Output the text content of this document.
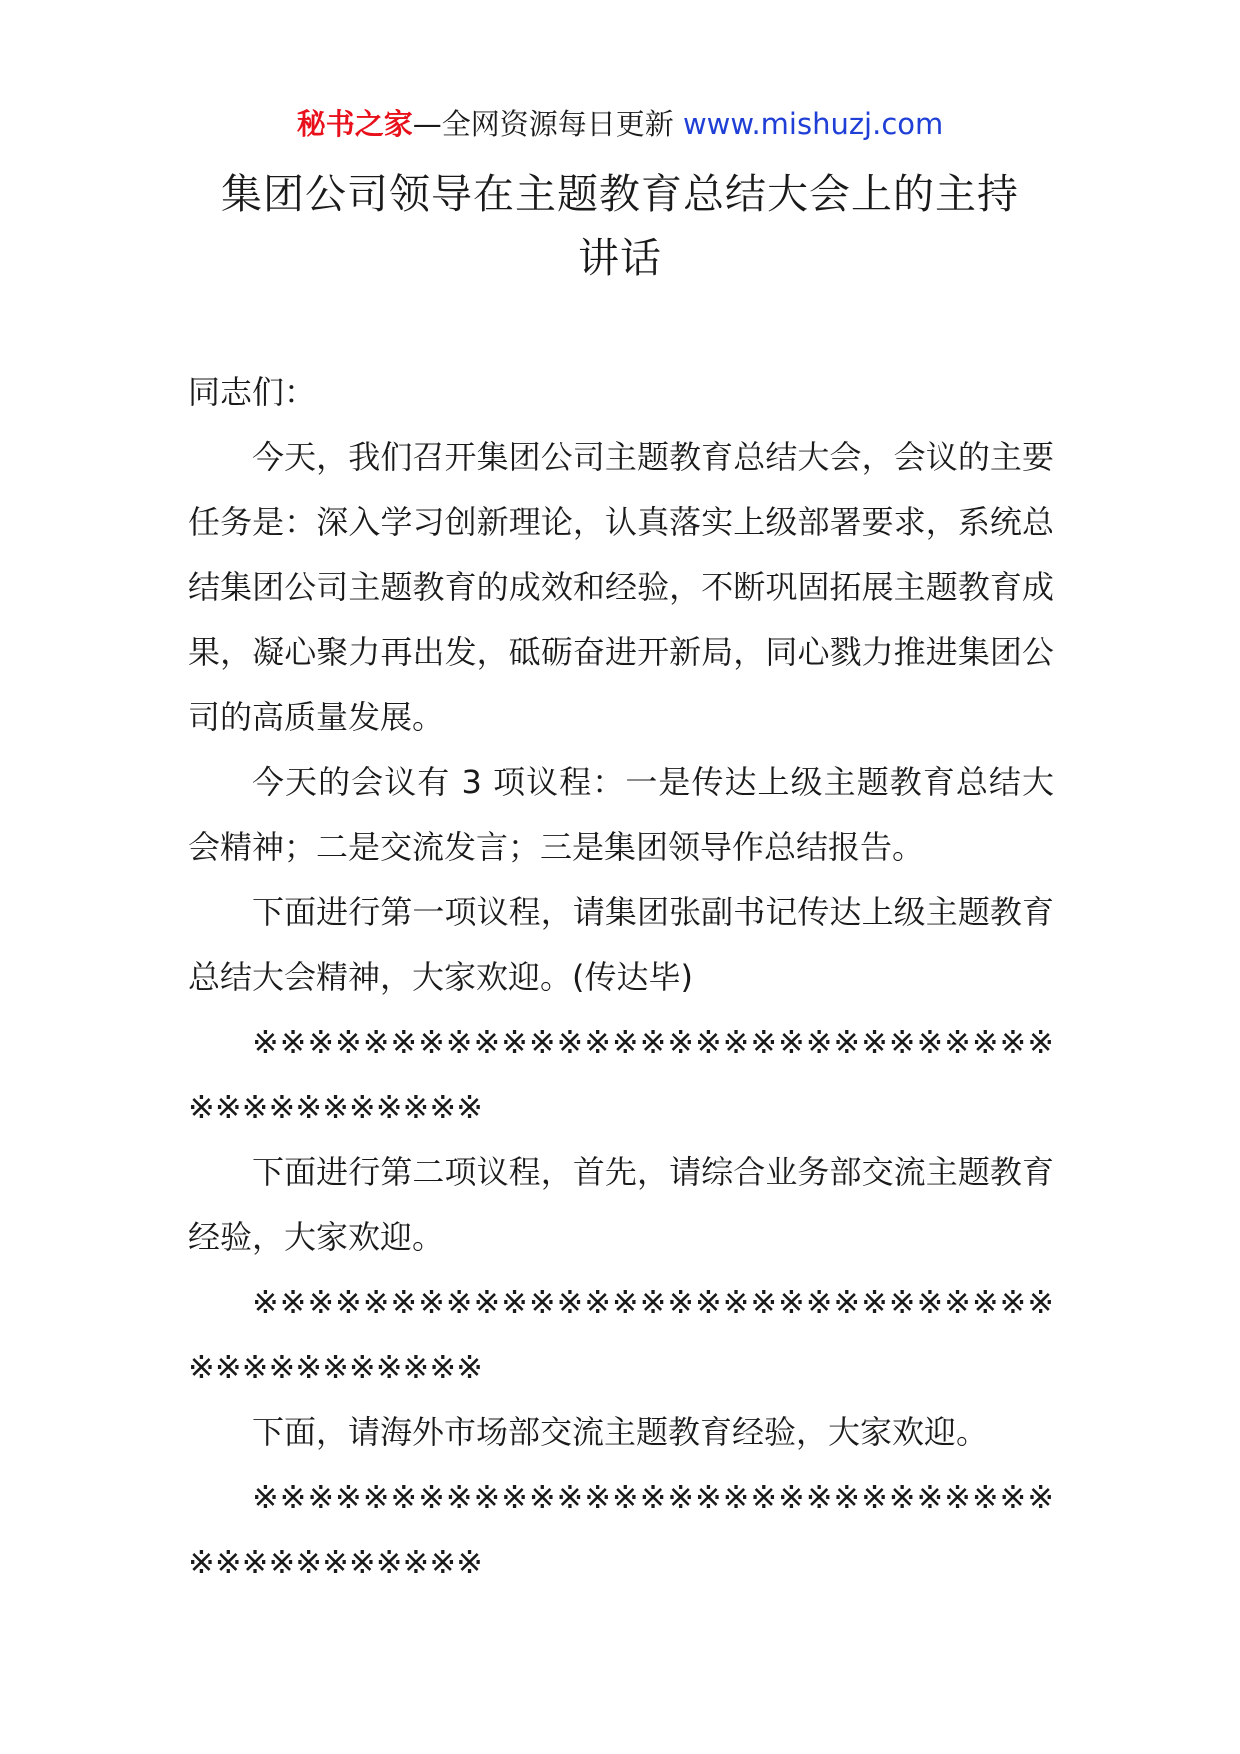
秘书之家—全网资源每日更新 www.mishuzj.com
集团公司领导在主题教育总结大会上的主持
讲话

同志们：

今天，我们召开集团公司主题教育总结大会，会议的主要任务是：深入学习创新理论，认真落实上级部署要求，系统总结集团公司主题教育的成效和经验，不断巩固拓展主题教育成果，凝心聚力再出发，砥砺奋进开新局，同心戮力推进集团公司的高质量发展。

今天的会议有 3 项议程：一是传达上级主题教育总结大会精神；二是交流发言；三是集团领导作总结报告。

下面进行第一项议程，请集团张副书记传达上级主题教育总结大会精神，大家欢迎。(传达毕)

※※※※※※※※※※※※※※※※※※※※※※※※※※※※※※※※※※※※※※※※

下面进行第二项议程，首先，请综合业务部交流主题教育经验，大家欢迎。

※※※※※※※※※※※※※※※※※※※※※※※※※※※※※※※※※※※※※※※※

下面，请海外市场部交流主题教育经验，大家欢迎。

※※※※※※※※※※※※※※※※※※※※※※※※※※※※※※※※※※※※※※※※
